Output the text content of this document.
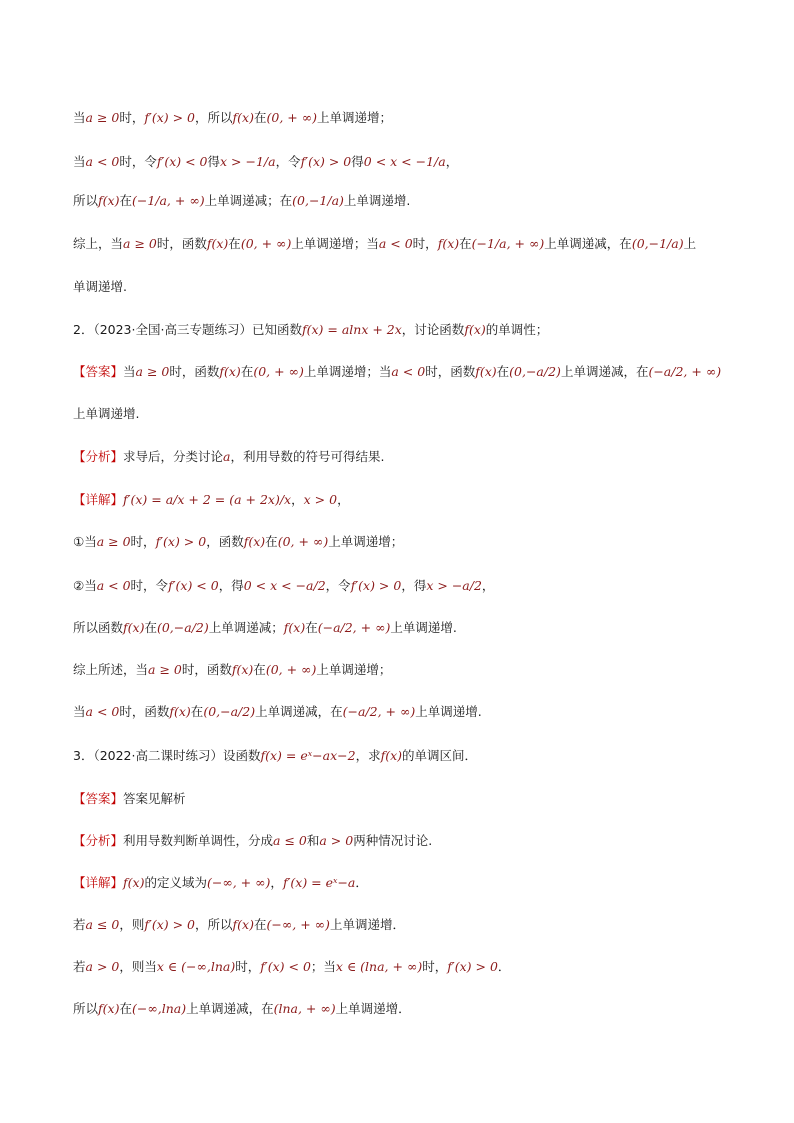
当a ≥ 0时，f′(x) > 0，所以f(x)在(0, + ∞)上单调递增；
当a < 0时，令f′(x) < 0得x > −1/a，令f′(x) > 0得0 < x < −1/a，
所以f(x)在(−1/a, + ∞)上单调递减；在(0,−1/a)上单调递增.
综上，当a ≥ 0时，函数f(x)在(0, + ∞)上单调递增；当a < 0时，f(x)在(−1/a, + ∞)上单调递减，在(0,−1/a)上
单调递增.
2．（2023·全国·高三专题练习）已知函数f(x) = alnx + 2x，讨论函数f(x)的单调性；
【答案】当a ≥ 0时，函数f(x)在(0, + ∞)上单调递增；当a < 0时，函数f(x)在(0,−a/2)上单调递减，在(−a/2, + ∞)
上单调递增.
【分析】求导后，分类讨论a，利用导数的符号可得结果.
【详解】f′(x) = a/x + 2 = (a + 2x)/x，x > 0，
①当a ≥ 0时，f′(x) > 0，函数f(x)在(0, + ∞)上单调递增；
②当a < 0时，令f′(x) < 0，得0 < x < −a/2，令f′(x) > 0，得x > −a/2，
所以函数f(x)在(0,−a/2)上单调递减；f(x)在(−a/2, + ∞)上单调递增.
综上所述，当a ≥ 0时，函数f(x)在(0, + ∞)上单调递增；
当a < 0时，函数f(x)在(0,−a/2)上单调递减，在(−a/2, + ∞)上单调递增.
3．（2022·高二课时练习）设函数f(x) = eˣ−ax−2，求f(x)的单调区间．
【答案】答案见解析
【分析】利用导数判断单调性，分成a ≤ 0和a > 0两种情况讨论.
【详解】f(x)的定义域为(−∞, + ∞)，f′(x) = eˣ−a．
若a ≤ 0，则f′(x) > 0，所以f(x)在(−∞, + ∞)上单调递增．
若a > 0，则当x ∈ (−∞,lna)时，f′(x) < 0；当x ∈ (lna, + ∞)时，f′(x) > 0．
所以f(x)在(−∞,lna)上单调递减，在(lna, + ∞)上单调递增．
